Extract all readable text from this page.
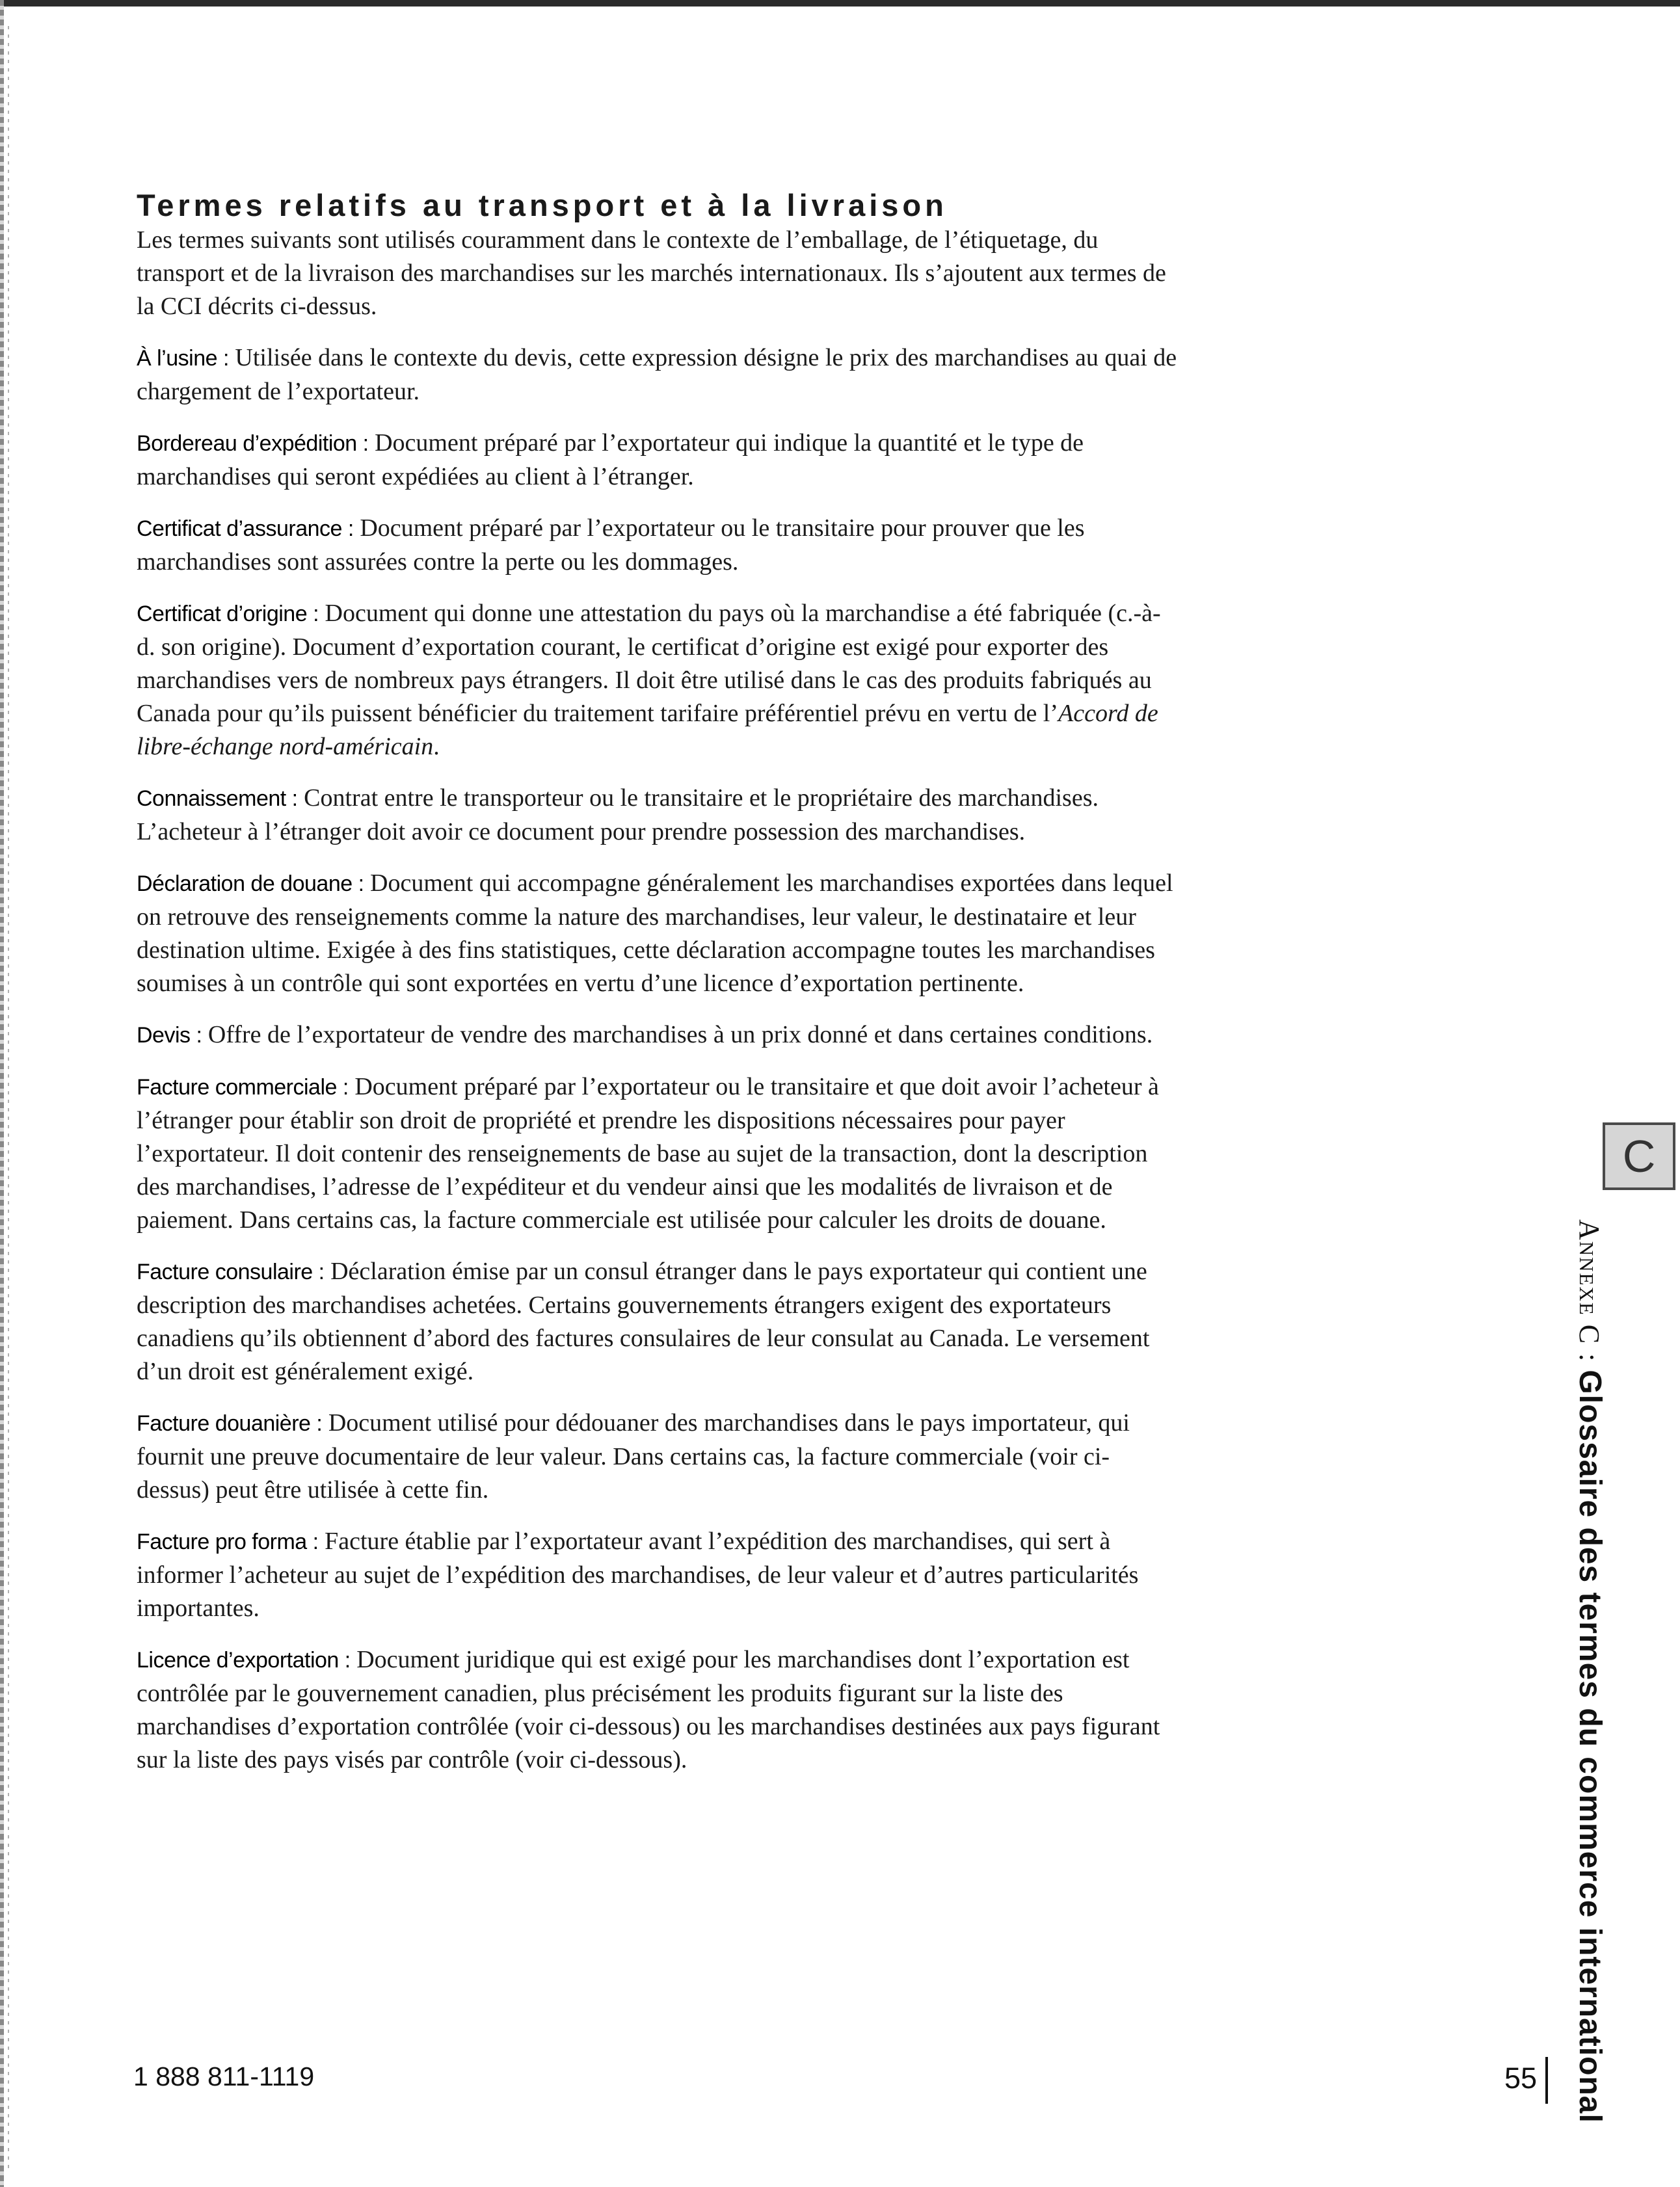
Termes relatifs au transport et à la livraison

Les termes suivants sont utilisés couramment dans le contexte de l’emballage, de l’étiquetage, du transport et de la livraison des marchandises sur les marchés internationaux. Ils s’ajoutent aux termes de la CCI décrits ci-dessus.

À l’usine : Utilisée dans le contexte du devis, cette expression désigne le prix des marchandises au quai de chargement de l’exportateur.

Bordereau d’expédition : Document préparé par l’exportateur qui indique la quantité et le type de marchandises qui seront expédiées au client à l’étranger.

Certificat d’assurance : Document préparé par l’exportateur ou le transitaire pour prouver que les marchandises sont assurées contre la perte ou les dommages.

Certificat d’origine : Document qui donne une attestation du pays où la marchandise a été fabriquée (c.-à-d. son origine). Document d’exportation courant, le certificat d’origine est exigé pour exporter des marchandises vers de nombreux pays étrangers. Il doit être utilisé dans le cas des produits fabriqués au Canada pour qu’ils puissent bénéficier du traitement tarifaire préférentiel prévu en vertu de l’Accord de libre-échange nord-américain.

Connaissement : Contrat entre le transporteur ou le transitaire et le propriétaire des marchandises. L’acheteur à l’étranger doit avoir ce document pour prendre possession des marchandises.

Déclaration de douane : Document qui accompagne généralement les marchandises exportées dans lequel on retrouve des renseignements comme la nature des marchandises, leur valeur, le destinataire et leur destination ultime. Exigée à des fins statistiques, cette déclaration accompagne toutes les marchandises soumises à un contrôle qui sont exportées en vertu d’une licence d’exportation pertinente.

Devis : Offre de l’exportateur de vendre des marchandises à un prix donné et dans certaines conditions.

Facture commerciale : Document préparé par l’exportateur ou le transitaire et que doit avoir l’acheteur à l’étranger pour établir son droit de propriété et prendre les dispositions nécessaires pour payer l’exportateur. Il doit contenir des renseignements de base au sujet de la transaction, dont la description des marchandises, l’adresse de l’expéditeur et du vendeur ainsi que les modalités de livraison et de paiement. Dans certains cas, la facture commerciale est utilisée pour calculer les droits de douane.

Facture consulaire : Déclaration émise par un consul étranger dans le pays exportateur qui contient une description des marchandises achetées. Certains gouvernements étrangers exigent des exportateurs canadiens qu’ils obtiennent d’abord des factures consulaires de leur consulat au Canada. Le versement d’un droit est généralement exigé.

Facture douanière : Document utilisé pour dédouaner des marchandises dans le pays importateur, qui fournit une preuve documentaire de leur valeur. Dans certains cas, la facture commerciale (voir ci-dessus) peut être utilisée à cette fin.

Facture pro forma : Facture établie par l’exportateur avant l’expédition des marchandises, qui sert à informer l’acheteur au sujet de l’expédition des marchandises, de leur valeur et d’autres particularités importantes.

Licence d’exportation : Document juridique qui est exigé pour les marchandises dont l’exportation est contrôlée par le gouvernement canadien, plus précisément les produits figurant sur la liste des marchandises d’exportation contrôlée (voir ci-dessous) ou les marchandises destinées aux pays figurant sur la liste des pays visés par contrôle (voir ci-dessous).

C
Annexe C : Glossaire des termes du commerce international
1 888 811-1119	55
